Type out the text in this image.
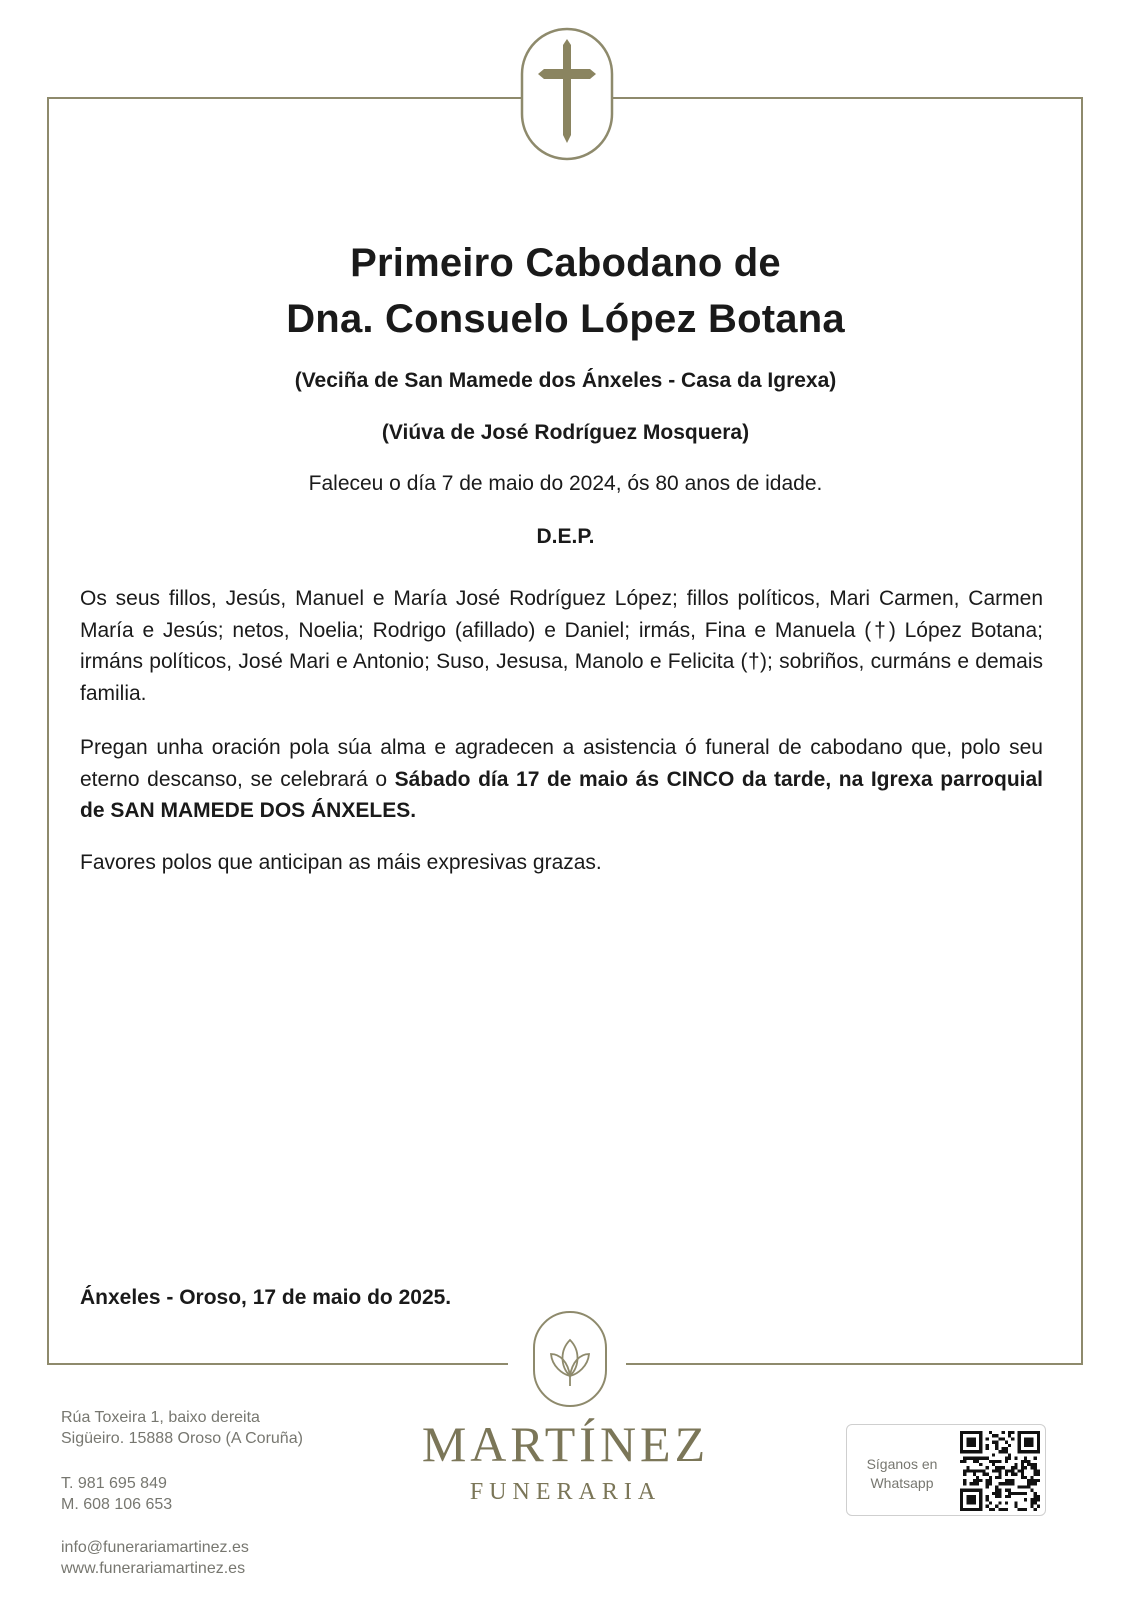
Primeiro Cabodano de
Dna. Consuelo López Botana
(Veciña de San Mamede dos Ánxeles - Casa da Igrexa)
(Viúva de José Rodríguez Mosquera)
Faleceu o día 7 de maio do 2024, ós 80 anos de idade.
D.E.P.
Os seus fillos, Jesús, Manuel e María José Rodríguez López; fillos políticos, Mari Carmen, Carmen María e Jesús; netos, Noelia; Rodrigo (afillado) e Daniel; irmás, Fina e Manuela (†) López Botana; irmáns políticos, José Mari e Antonio; Suso, Jesusa, Manolo e Felicita (†); sobriños, curmáns e demais familia.
Pregan unha oración pola súa alma e agradecen a asistencia ó funeral de cabodano que, polo seu eterno descanso, se celebrará o Sábado día 17 de maio ás CINCO da tarde, na Igrexa parroquial de SAN MAMEDE DOS ÁNXELES.
Favores polos que anticipan as máis expresivas grazas.
Ánxeles - Oroso, 17 de maio do 2025.
Rúa Toxeira 1, baixo dereita
Sigüeiro. 15888 Oroso (A Coruña)
T. 981 695 849
M. 608 106 653
info@funerariamartinez.es
www.funerariamartinez.es
MARTÍNEZ
FUNERARIA
Síganos en
Whatsapp
